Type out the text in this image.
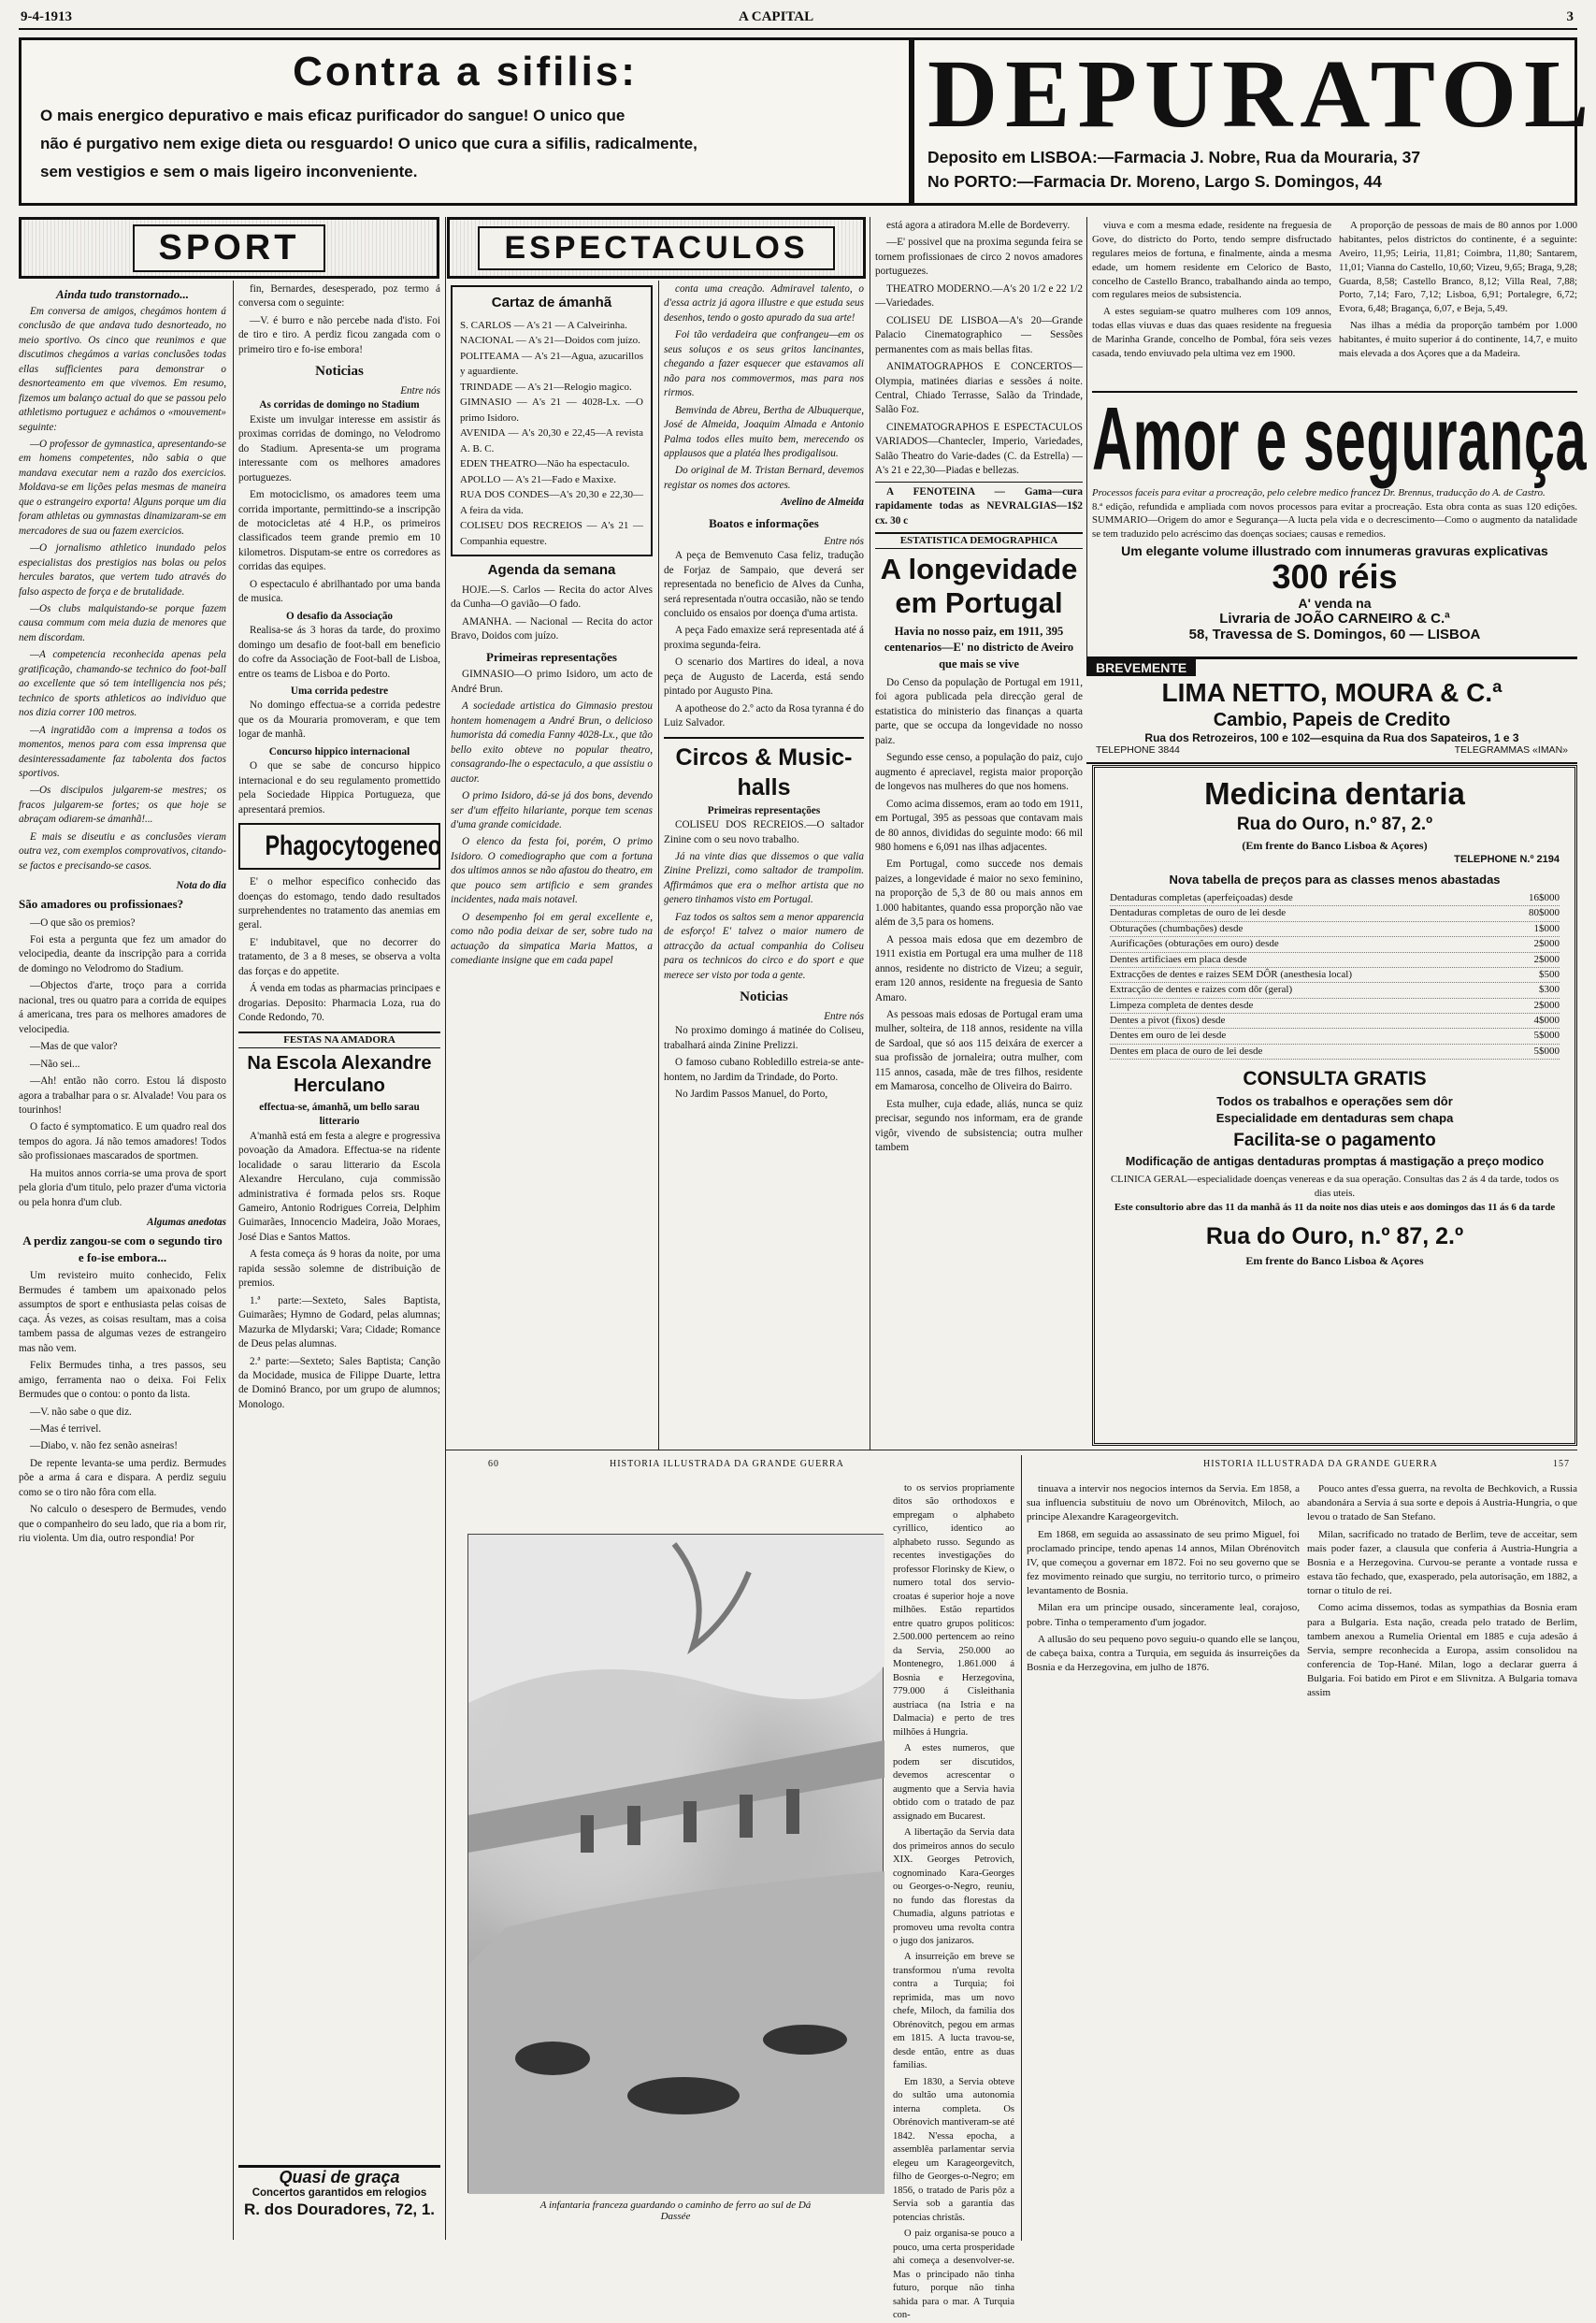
9-4-1913	A CAPITAL	3
Contra a sifilis:
O mais energico depurativo e mais eficaz purificador do sangue! O unico que
não é purgativo nem exige dieta ou resguardo! O unico que cura a sifilis, radicalmente,
sem vestigios e sem o mais ligeiro inconveniente.
DEPURATOL
Deposito em LISBOA:—Farmacia J. Nobre, Rua da Mouraria, 37
No PORTO:—Farmacia Dr. Moreno, Largo S. Domingos, 44
SPORT	ESPECTACULOS
Ainda tudo transtornado...

Em conversa de amigos, chegámos hontem á conclusão de que andava tudo desnorteado, no meio sportivo. Os cinco que reunimos e que discutimos chegámos a varias conclusões todas ellas sufficientes para demonstrar o desnorteamento em que vivemos. Em resumo, fizemos um balanço actual do que se passou pelo athletismo portuguez e achámos o «mouvement» seguinte:

—O professor de gymnastica, apresentando-se em homens competentes, não sabia o que mandava executar nem a razão dos exercicios. Moldava-se em lições pelas mesmas de maneira que o estrangeiro exporta! Alguns porque um dia foram athletas ou gymnastas dinamizaram-se em mercadores de sua ou fazem exercicios.

—O jornalismo athletico inundado pelos especialistas dos prestigios nas bolas ou pelos hercules baratos, que vertem tudo através do falso aspecto de força e de brutalidade.

—Os clubs malquistando-se porque fazem causa commum com meia duzia de menores que nem discordam.

—A competencia reconhecida apenas pela gratificação, chamando-se technico do foot-ball ao excellente que só tem intelligencia nos pés; technico de sports athleticos ao individuo que nos dizia correr 100 metros.

—A ingratidão com a imprensa a todos os momentos, menos para com essa imprensa que desinteressadamente faz tabolenta dos factos sportivos.

—Os discipulos julgarem-se mestres; os fracos julgarem-se fortes; os que hoje se abraçam odiarem-se ámanhã!...

E mais se diseutiu e as conclusões vieram outra vez, com exemplos comprovativos, citando-se factos e precisando-se casos.

Nota do dia
São amadores ou profissionaes?

—O que são os premios?

Foi esta a pergunta que fez um amador do velocipedia, deante da inscripção para a corrida de domingo no Velodromo do Stadium.

—Objectos d'arte, troço para a corrida nacional, tres ou quatro para a corrida de equipes á americana, tres para os melhores amadores de velocipedia.

—Mas de que valor?

—Não sei...

—Ah! então não corro. Estou lá disposto agora a trabalhar para o sr. Alvalade! Vou para os tourinhos!

O facto é symptomatico. E um quadro real dos tempos do agora. Já não temos amadores! Todos são profissionaes mascarados de sportmen.

Ha muitos annos corria-se uma prova de sport pela gloria d'um titulo, pelo prazer d'uma victoria ou pela honra d'um club.

Algumas anedotas
A perdiz zangou-se com o segundo tiro e fo-ise embora...

Um revisteiro muito conhecido, Felix Bermudes é tambem um apaixonado pelos assumptos de sport e enthusiasta pelas coisas de caça. Ás vezes, as coisas resultam, mas a coisa tambem passa de algumas vezes de estrangeiro mas não vem.

Felix Bermudes tinha, a tres passos, seu amigo, ferramenta nao o deixa. Foi Felix Bermudes que o contou: o ponto da lista.

—V. não sabe o que diz.

—Mas é terrivel.

—Diabo, v. não fez senão asneiras!

De repente levanta-se uma perdiz. Bermudes põe a arma á cara e dispara. A perdiz seguiu como se o tiro não fôra com ella.

No calculo o desespero de Bermudes, vendo que o companheiro do seu lado, que ria a bom rir, riu violenta. Um dia, outro respondia! Por

fin, Bernardes, desesperado, poz termo á conversa com o seguinte:

—V. é burro e não percebe nada d'isto. Foi de tiro e tiro. A perdiz ficou zangada com o primeiro tiro e fo-ise embora!

Noticias
Entre nós
As corridas de domingo no Stadium

Existe um invulgar interesse em assistir ás proximas corridas de domingo, no Velodromo do Stadium. Apresenta-se um programa interessante com os melhores amadores portuguezes.

Em motociclismo, os amadores teem uma corrida importante, permittindo-se a inscripção de motocicletas até 4 H.P., os primeiros classificados teem grande premio em 10 kilometros. Disputam-se entre os corredores as corridas das equipes.

O espectaculo é abrilhantado por uma banda de musica.

O desafio da Associação

Realisa-se ás 3 horas da tarde, do proximo domingo um desafio de foot-ball em beneficio do cofre da Associação de Foot-ball de Lisboa, entre os teams de Lisboa e do Porto.

Uma corrida pedestre

No domingo effectua-se a corrida pedestre que os da Mouraria promoveram, e que tem logar de manhã.

Concurso hippico internacional

O que se sabe de concurso hippico internacional e do seu regulamento promettido pela Sociedade Hippica Portugueza, que apresentará premios.

Phagocytogeneo

E' o melhor especifico conhecido das doenças do estomago, tendo dado resultados surprehendentes no tratamento das anemias em geral.

E' indubitavel, que no decorrer do tratamento, de 3 a 8 meses, se observa a volta das forças e do appetite.

Á venda em todas as pharmacias principaes e drogarias. Deposito: Pharmacia Loza, rua do Conde Redondo, 70.

FESTAS NA AMADORA
Na Escola Alexandre Herculano
effectua-se, ámanhã, um bello sarau litterario

A'manhã está em festa a alegre e progressiva povoação da Amadora. Effectua-se na ridente localidade o sarau litterario da Escola Alexandre Herculano, cuja commissão administrativa é formada pelos srs. Roque Gameiro, Antonio Rodrigues Correia, Delphim Guimarães, Innocencio Madeira, João Moraes, José Dias e Santos Mattos.

A festa começa ás 9 horas da noite, por uma rapida sessão solemne de distribuição de premios.

1.ª parte:—Sexteto, Sales Baptista, Guimarães; Hymno de Godard, pelas alumnas; Mazurka de Mlydarski; Vara; Cidade; Romance de Deus pelas alumnas.

2.ª parte:—Sexteto; Sales Baptista; Canção da Mocidade, musica de Filippe Duarte, lettra de Dominó Branco, por um grupo de alumnos; Monologo.

Quasi de graça
Concertos garantidos em relogios
R. dos Douradores, 72, 1.
Cartaz de ámanhã
S. CARLOS — A's 21 — A Calveirinha.
NACIONAL — A's 21—Doidos com juízo.
POLITEAMA — A's 21—Agua, azucarillos y aguardiente.
TRINDADE — A's 21—Relogio magico.
GIMNASIO — A's 21 — 4028-Lx. —O primo Isidoro.
AVENIDA — A's 20,30 e 22,45—A revista A. B. C.
EDEN THEATRO—Não ha espectaculo.
APOLLO — A's 21—Fado e Maxixe.
RUA DOS CONDES—A's 20,30 e 22,30—A feira da vida.
COLISEU DOS RECREIOS — A's 21 — Companhia equestre.
Agenda da semana

HOJE.—S. Carlos — Recita do actor Alves da Cunha—O gavião—O fado.

AMANHA. — Nacional — Recita do actor Bravo, Doidos com juízo.

Primeiras representações

GIMNASIO—O primo Isidoro, um acto de André Brun.

A sociedade artistica do Gimnasio prestou hontem homenagem a André Brun, o delicioso humorista dá comedia Fanny 4028-Lx., que tão bello exito obteve no popular theatro, consagrando-lhe o espectaculo, a que assistiu o auctor.

O primo Isidoro, dá-se já dos bons, devendo ser d'um effeito hilariante, porque tem scenas d'uma grande comicidade.

O elenco da festa foi, porém, O primo Isidoro. O comediographo que com a fortuna dos ultimos annos se não afastou do theatro, em que pouco sem artificio e sem grandes incidentes, nada mais notavel.

O desempenho foi em geral excellente e, como não podia deixar de ser, sobre tudo na actuação da simpatica Maria Mattos, a comediante insigne que em cada papel

conta uma creação. Admiravel talento, o d'essa actriz já agora illustre e que estuda seus desenhos, tendo o gosto apurado da sua arte!

Foi tão verdadeira que confrangeu—em os seus soluços e os seus gritos lancinantes, chegando a fazer esquecer que estavamos ali não para nos commovermos, mas para nos rirmos.

Bemvinda de Abreu, Bertha de Albuquerque, José de Almeida, Joaquim Almada e Antonio Palma todos elles muito bem, merecendo os applausos que a platéa lhes prodigalisou.

Do original de M. Tristan Bernard, devemos registar os nomes dos actores.

Avelino de Almeida
Boatos e informações
Entre nós

A peça de Bemvenuto Casa feliz, tradução de Forjaz de Sampaio, que deverá ser representada no beneficio de Alves da Cunha, será representada n'outra occasião, não se tendo concluido os ensaios por doença d'uma artista.

A peça Fado emaxize será representada até á proxima segunda-feira.

O scenario dos Martires do ideal, a nova peça de Augusto de Lacerda, está sendo pintado por Augusto Pina.

A apotheose do 2.º acto da Rosa tyranna é do Luiz Salvador.

Circos & Music-halls
Primeiras representações

COLISEU DOS RECREIOS.—O saltador Zinine com o seu novo trabalho.

Já na vinte dias que dissemos o que valia Zinine Prelizzi, como saltador de trampolim. Affirmámos que era o melhor artista que no genero tinhamos visto em Portugal.

Faz todos os saltos sem a menor apparencia de esforço! E' talvez o maior numero de attracção da actual companhia do Coliseu para os technicos do circo e do sport e que merece ser visto por toda a gente.

Noticias
Entre nós

No proximo domingo á matinée do Coliseu, trabalhará ainda Zinine Prelizzi.

O famoso cubano Robledillo estreia-se ante-hontem, no Jardim da Trindade, do Porto.

No Jardim Passos Manuel, do Porto,

está agora a atiradora M.elle de Bordeverry.

—E' possivel que na proxima segunda feira se tornem profissionaes de circo 2 novos amadores portuguezes.

THEATRO MODERNO.—A's 20 1/2 e 22 1/2—Variedades.

COLISEU DE LISBOA—A's 20—Grande Palacio Cinematographico — Sessões permanentes com as mais bellas fitas.

ANIMATOGRAPHOS E CONCERTOS—Olympia, matinées diarias e sessões á noite. Central, Chiado Terrasse, Salão da Trindade, Salão Foz.

CINEMATOGRAPHOS E ESPECTACULOS VARIADOS—Chantecler, Imperio, Variedades, Salão Theatro do Varie-dades (C. da Estrella) — A's 21 e 22,30—Piadas e bellezas.

A FENOTEINA — Gama—cura rapidamente todas as NEVRALGIAS—1$2 cx. 30 c

ESTATISTICA DEMOGRAPHICA
A longevidade em Portugal
Havia no nosso paiz, em 1911, 395 centenarios—E' no districto de Aveiro que mais se vive

Do Censo da população de Portugal em 1911, foi agora publicada pela direcção geral de estatistica do ministerio das finanças a quarta parte, que se occupa da longevidade no nosso paiz.

Segundo esse censo, a população do paiz, cujo augmento é apreciavel, regista maior proporção de longevos nas mulheres do que nos homens.

Como acima dissemos, eram ao todo em 1911, em Portugal, 395 as pessoas que contavam mais de 80 annos, divididas do seguinte modo: 66 mil 980 homens e 6,091 nas ilhas adjacentes.

Em Portugal, como succede nos demais paizes, a longevidade é maior no sexo feminino, na proporção de 5,3 de 80 ou mais annos em 1.000 habitantes, quando essa proporção não vae além de 3,5 para os homens.

A pessoa mais edosa que em dezembro de 1911 existia em Portugal era uma mulher de 118 annos, residente no districto de Vizeu; a seguir, eram 120 annos, residente na freguesia de Santo Amaro.

As pessoas mais edosas de Portugal eram uma mulher, solteira, de 118 annos, residente na villa de Sardoal, que só aos 115 deixára de exercer a sua profissão de jornaleira; outra mulher, com 115 annos, casada, mãe de tres filhos, residente em Mamarosa, concelho de Oliveira do Bairro.

Esta mulher, cuja edade, aliás, nunca se quiz precisar, segundo nos informam, era de grande vigôr, vivendo de subsistencia; outra mulher tambem

viuva e com a mesma edade, residente na freguesia de Gove, do districto do Porto, tendo sempre disfructado regulares meios de fortuna, e finalmente, ainda a mesma edade, um homem residente em Celorico de Basto, concelho de Castello Branco, trabalhando ainda ao tempo, com regulares meios de subsistencia.

A estes seguiam-se quatro mulheres com 109 annos, todas ellas viuvas e duas das quaes residente na freguesia de Marinha Grande, concelho de Pombal, fóra seis vezes casada, tendo enviuvado pela ultima vez em 1900.

A proporção de pessoas de mais de 80 annos por 1.000 habitantes, pelos districtos do continente, é a seguinte: Aveiro, 11,95; Leiria, 11,81; Coimbra, 11,80; Santarem, 11,01; Vianna do Castello, 10,60; Vizeu, 9,65; Braga, 9,28; Guarda, 8,58; Castello Branco, 8,12; Villa Real, 7,88; Porto, 7,14; Faro, 7,12; Lisboa, 6,91; Portalegre, 6,72; Evora, 6,48; Bragança, 6,07, e Beja, 5,49.

Nas ilhas a média da proporção também por 1.000 habitantes, é muito superior á do continente, 14,7, e muito mais elevada a dos Açores que a da Madeira.

Amor e segurança
Processos faceis para evitar a procreação, pelo celebre medico francez Dr. Brennus, traducção do A. de Castro.
8.ª edição, refundida e ampliada com novos processos para evitar a procreação. Esta obra conta as suas 120 edições. SUMMARIO—Origem do amor e Segurança—A lucta pela vida e o decrescimento—Como o augmento da natalidade se tem traduzido pelo acréscimo das doenças sociaes; causas e remedios.
Um elegante volume illustrado com innumeras gravuras explicativas
300 réis
A' venda na
Livraria de JOÃO CARNEIRO & C.ª
58, Travessa de S. Domingos, 60 — LISBOA
BREVEMENTE
LIMA NETTO, MOURA & C.ª
Cambio, Papeis de Credito
Rua dos Retrozeiros, 100 e 102—esquina da Rua dos Sapateiros, 1 e 3
TELEPHONE 3844	TELEGRAMMAS «IMAN»
Medicina dentaria
Rua do Ouro, n.º 87, 2.º
(Em frente do Banco Lisboa & Açores)
TELEPHONE N.º 2194
Nova tabella de preços para as classes menos abastadas
Dentaduras completas (aperfeiçoadas) desde	16$000
Dentaduras completas de ouro de lei desde	80$000
Obturações (chumbações) desde	1$000
Aurificações (obturações em ouro) desde	2$000
Dentes artificiaes em placa desde	2$000
Extracções de dentes e raizes SEM DÔR (anesthesia local)	$500
Extracção de dentes e raizes com dôr (geral)	$300
Limpeza completa de dentes desde	2$000
Dentes a pivot (fixos) desde	4$000
Dentes em ouro de lei desde	5$000
Dentes em placa de ouro de lei desde	5$000
CONSULTA GRATIS
Todos os trabalhos e operações sem dôr
Especialidade em dentaduras sem chapa
Facilita-se o pagamento
Modificação de antigas dentaduras promptas á mastigação a preço modico
CLINICA GERAL—especialidade doenças venereas e da sua operação. Consultas das 2 ás 4 da tarde, todos os dias uteis.
Este consultorio abre das 11 da manhã ás 11 da noite nos dias uteis e aos domingos das 11 ás 6 da tarde
Rua do Ouro, n.º 87, 2.º
Em frente do Banco Lisboa & Açores
60	HISTORIA ILLUSTRADA DA GRANDE GUERRA	HISTORIA ILLUSTRADA DA GRANDE GUERRA	157
A infantaria franceza guardando o caminho de ferro ao sul de Dá
Dassée

to os servios propriamente ditos são orthodoxos e empregam o alphabeto cyrillico, identico ao alphabeto russo. Segundo as recentes investigações do professor Florinsky de Kiew, o numero total dos servio-croatas é superior hoje a nove milhões. Estão repartidos entre quatro grupos politicos: 2.500.000 pertencem ao reino da Servia, 250.000 ao Montenegro, 1.861.000 á Bosnia e Herzegovina, 779.000 á Cisleithania austriaca (na Istria e na Dalmacia) e perto de tres milhões á Hungria.

A estes numeros, que podem ser discutidos, devemos acrescentar o augmento que a Servia havia obtido com o tratado de paz assignado em Bucarest.

A libertação da Servia data dos primeiros annos do seculo XIX. Georges Petrovich, cognominado Kara-Georges ou Georges-o-Negro, reuniu, no fundo das florestas da Chumadia, alguns patriotas e promoveu uma revolta contra o jugo dos janizaros.

A insurreição em breve se transformou n'uma revolta contra a Turquia; foi reprimida, mas um novo chefe, Miloch, da familia dos Obrénovitch, pegou em armas em 1815. A lucta travou-se, desde então, entre as duas familias.

Em 1830, a Servia obteve do sultão uma autonomia interna completa. Os Obrénovich mantiveram-se até 1842. N'essa epocha, a assemblêa parlamentar servia elegeu um Karageorgevitch, filho de Georges-o-Negro; em 1856, o tratado de Paris pôz a Servia sob a garantia das potencias christãs.

O paiz organisa-se pouco a pouco, uma certa prosperidade ahi começa a desenvolver-se. Mas o principado não tinha futuro, porque não tinha sahida para o mar. A Turquia con-

tinuava a intervir nos negocios internos da Servia. Em 1858, a sua influencia substituiu de novo um Obrénovitch, Miloch, ao principe Alexandre Karageorgevitch.

Em 1868, em seguida ao assassinato de seu primo Miguel, foi proclamado principe, tendo apenas 14 annos, Milan Obrénovitch IV, que começou a governar em 1872. Foi no seu governo que se fez movimento reinado que surgiu, no territorio turco, o primeiro levantamento de Bosnia.

Milan era um principe ousado, sinceramente leal, corajoso, pobre. Tinha o temperamento d'um jogador.

A allusão do seu pequeno povo seguiu-o quando elle se lançou, de cabeça baixa, contra a Turquia, em seguida ás insurreições da Bosnia e da Herzegovina, em julho de 1876.

Pouco antes d'essa guerra, na revolta de Bechkovich, a Russia abandonára a Servia á sua sorte e depois á Austria-Hungria, o que levou o tratado de San Stefano.

Milan, sacrificado no tratado de Berlim, teve de acceitar, sem mais poder fazer, a clausula que conferia á Austria-Hungria a Bosnia e a Herzegovina. Curvou-se perante a vontade russa e estava tão fechado, que, exasperado, pela autorisação, em 1882, a tornar o titulo de rei.

Como acima dissemos, todas as sympathias da Bosnia eram para a Bulgaria. Esta nação, creada pelo tratado de Berlim, tambem anexou a Rumelia Oriental em 1885 e cuja adesão á Servia, sempre reconhecida a Europa, assim consolidou na conferencia de Top-Hané. Milan, logo a declarar guerra á Bulgaria. Foi batido em Pirot e em Slivnitza. A Bulgaria tomava assim
